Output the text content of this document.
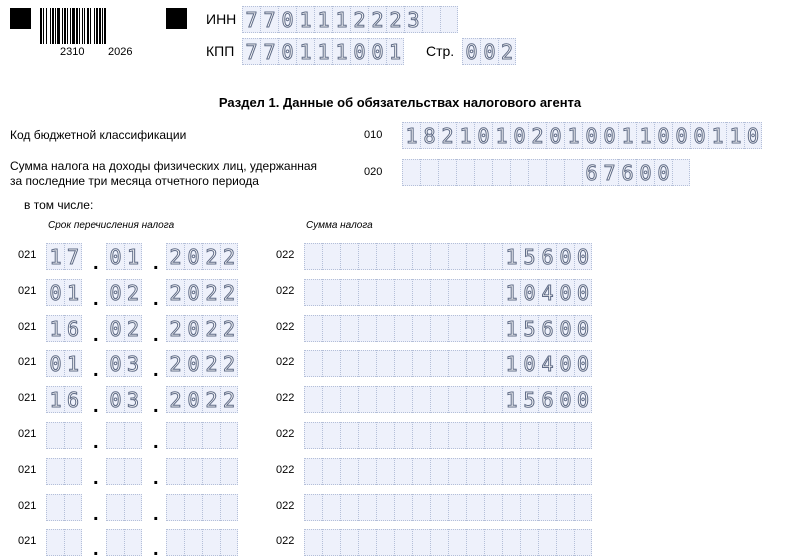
2310 2026
ИНН 7 7 0 1 1 1 2 2 2 3
КПП 7 7 0 1 1 1 0 0 1 Стр. 0 0 2
Раздел 1. Данные об обязательствах налогового агента
Код бюджетной классификации	010 1 8 2 1 0 1 0 2 0 1 0 0 1 1 0 0 0 1 1 0
Сумма налога на доходы физических лиц, удержанная
за последние три месяца отчетного периода
020	6 7 6 0 0
в том числе:
Срок перечисления налога	Сумма налога
021 1 7 . 0 1 . 2 0 2 2	022	1 5 6 0 0
021 0 1 . 0 2 . 2 0 2 2	022	1 0 4 0 0
021 1 6 . 0 2 . 2 0 2 2	022	1 5 6 0 0
021 0 1 . 0 3 . 2 0 2 2	022	1 0 4 0 0
021 1 6 . 0 3 . 2 0 2 2	022	1 5 6 0 0
021	.	.	022
021	.	.	022
021	.	.	022
021	.	.	022
